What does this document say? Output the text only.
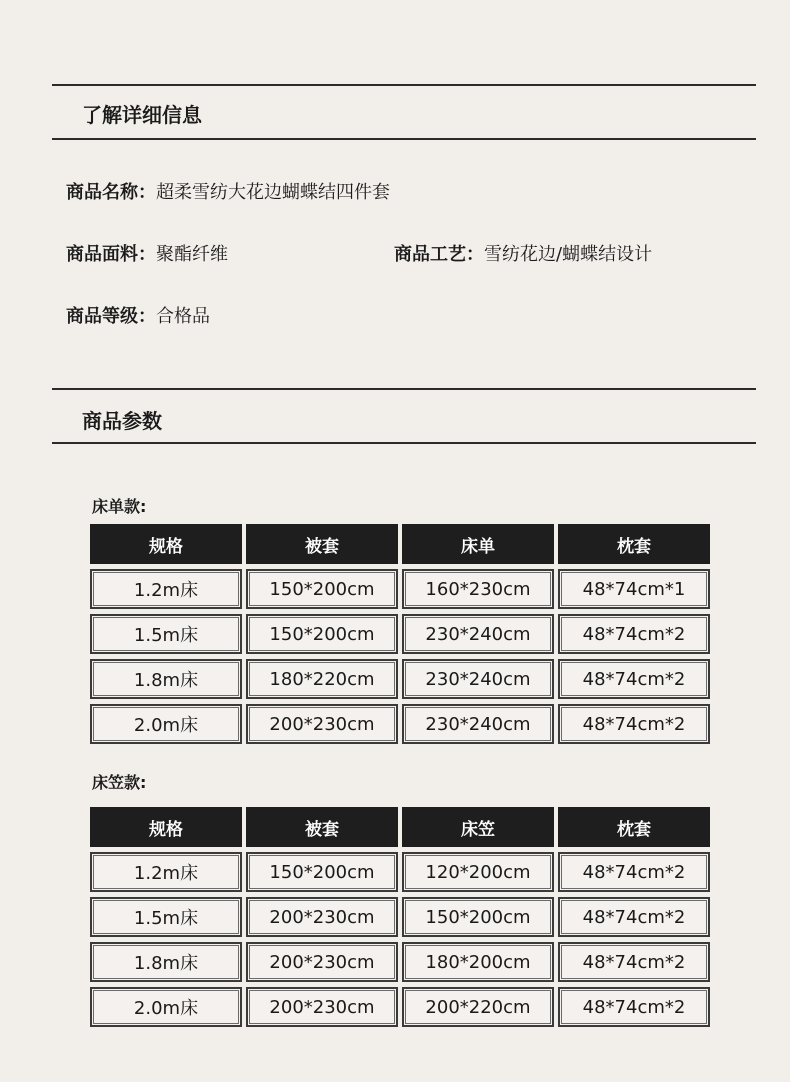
了解详细信息
商品名称：超柔雪纺大花边蝴蝶结四件套
商品面料：聚酯纤维	商品工艺：雪纺花边/蝴蝶结设计
商品等级：合格品
商品参数
床单款:
规格	被套	床单	枕套
1.2m床	150*200cm	160*230cm	48*74cm*1
1.5m床	150*200cm	230*240cm	48*74cm*2
1.8m床	180*220cm	230*240cm	48*74cm*2
2.0m床	200*230cm	230*240cm	48*74cm*2
床笠款:
规格	被套	床笠	枕套
1.2m床	150*200cm	120*200cm	48*74cm*2
1.5m床	200*230cm	150*200cm	48*74cm*2
1.8m床	200*230cm	180*200cm	48*74cm*2
2.0m床	200*230cm	200*220cm	48*74cm*2
